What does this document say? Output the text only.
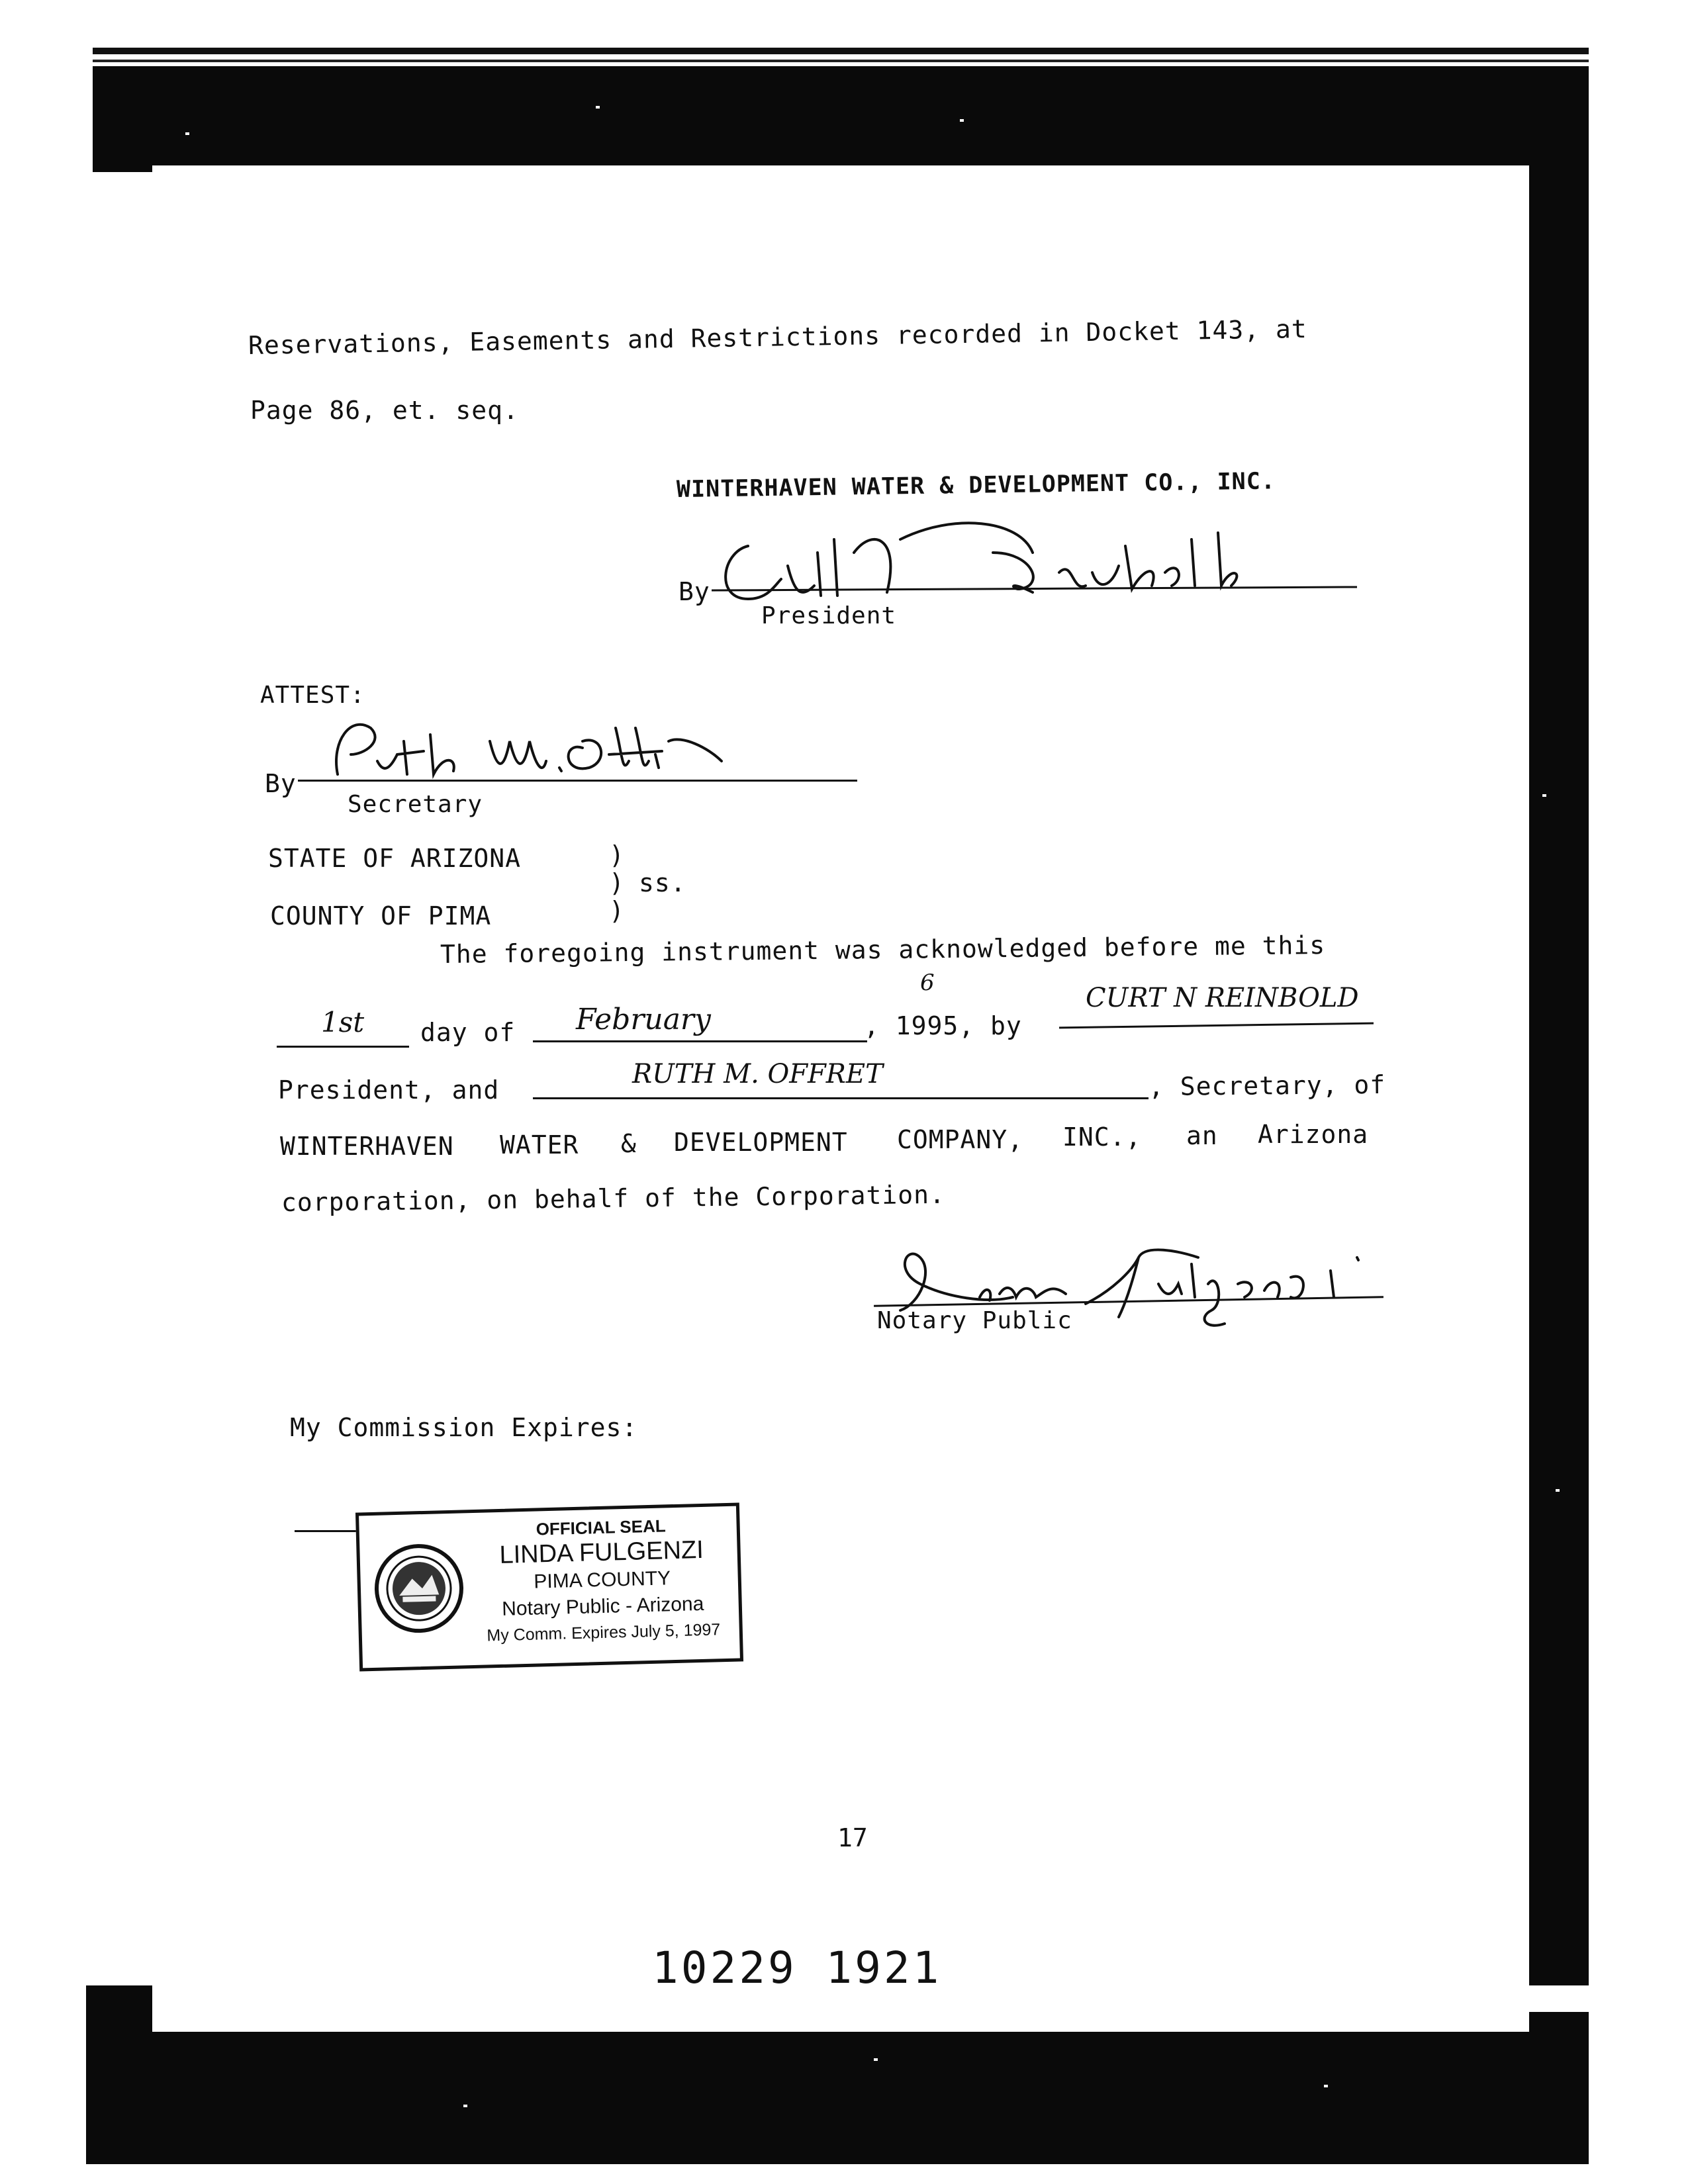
Reservations, Easements and Restrictions recorded in Docket 143, at
Page 86, et. seq.
WINTERHAVEN WATER & DEVELOPMENT CO., INC.
By
President
ATTEST:
By
Secretary
STATE OF ARIZONA	)
) ss.
)
COUNTY OF PIMA
The foregoing instrument was acknowledged before me this
1st day of February	, 1995, by
6	CURT N REINBOLD
President, and
RUTH M. OFFRET	, Secretary, of
WINTERHAVEN WATER & DEVELOPMENT COMPANY, INC., an Arizona
corporation, on behalf of the Corporation.
Notary Public
My Commission Expires:
OFFICIAL SEAL
LINDA FULGENZI
PIMA COUNTY
Notary Public - Arizona
My Comm. Expires July 5, 1997
17
10229 1921
